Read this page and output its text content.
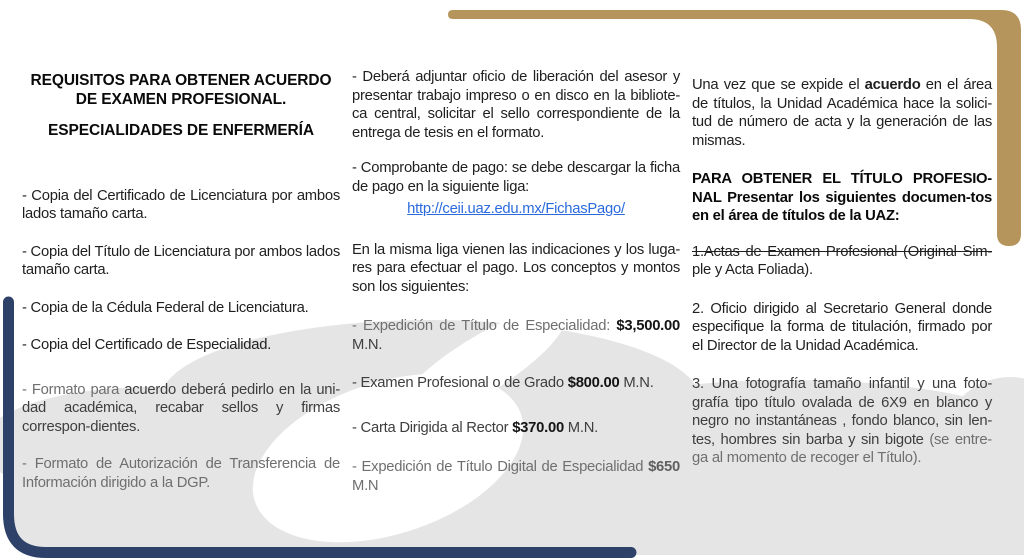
REQUISITOS PARA OBTENER ACUERDO
DE EXAMEN PROFESIONAL.
ESPECIALIDADES DE ENFERMERÍA

- Copia del Certificado de Licenciatura por ambos lados tamaño carta.

- Copia del Título de Licenciatura por ambos lados tamaño carta.

- Copia de la Cédula Federal de Licenciatura.

- Copia del Certificado de Especialidad.

- Formato para acuerdo deberá pedirlo en la uni-dad académica, recabar sellos y firmas correspon-dientes.

- Formato de Autorización de Transferencia de Información dirigido a la DGP.

- Deberá adjuntar oficio de liberación del asesor y presentar trabajo impreso o en disco en la bibliote-ca central, solicitar el sello correspondiente de la entrega de tesis en el formato.

- Comprobante de pago: se debe descargar la ficha de pago en la siguiente liga:

http://ceii.uaz.edu.mx/FichasPago/

En la misma liga vienen las indicaciones y los luga-res para efectuar el pago. Los conceptos y montos son los siguientes:

- Expedición de Título de Especialidad: $3,500.00 M.N.

- Examen Profesional o de Grado $800.00 M.N.

- Carta Dirigida al Rector $370.00 M.N.

- Expedición de Título Digital de Especialidad $650 M.N

Una vez que se expide el acuerdo en el área de títulos, la Unidad Académica hace la solici-tud de número de acta y la generación de las mismas.

PARA OBTENER EL TÍTULO PROFESIO-NAL Presentar los siguientes documen-tos en el área de títulos de la UAZ:

1.Actas de Examen Profesional (Original Sim-ple y Acta Foliada).

2. Oficio dirigido al Secretario General donde especifique la forma de titulación, firmado por el Director de la Unidad Académica.

3. Una fotografía tamaño infantil y una foto-grafía tipo título ovalada de 6X9 en blanco y negro no instantáneas , fondo blanco, sin len-tes, hombres sin barba y sin bigote (se entre-ga al momento de recoger el Título).
